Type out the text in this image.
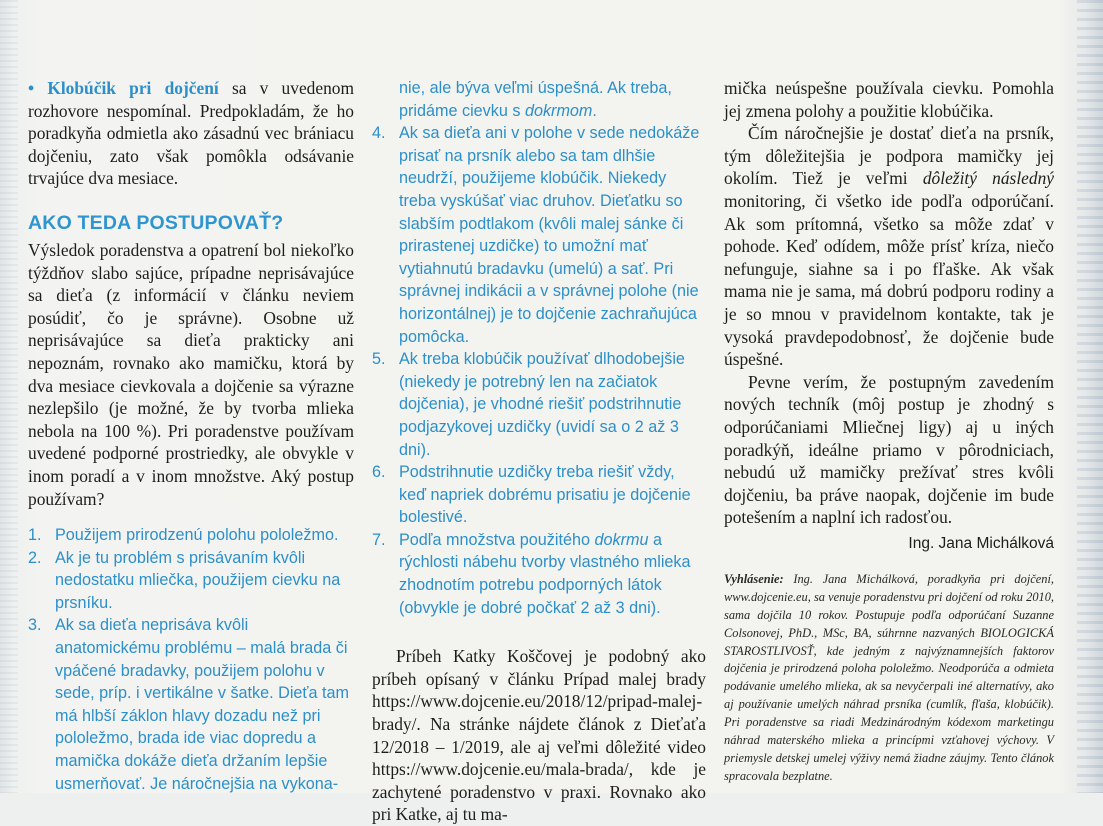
• Klobúčik pri dojčení sa v uvedenom rozhovore nespomínal. Predpokladám, že ho poradkyňa odmietla ako zásadnú vec brániacu dojčeniu, zato však pomôkla odsávanie trvajúce dva mesiace.

AKO TEDA POSTUPOVAŤ?

Výsledok poradenstva a opatrení bol niekoľko týždňov slabo sajúce, prípadne neprisávajúce sa dieťa (z informácií v článku neviem posúdiť, čo je správne). Osobne už neprisávajúce sa dieťa prakticky ani nepoznám, rovnako ako mamičku, ktorá by dva mesiace cievkovala a dojčenie sa výrazne nezlepšilo (je možné, že by tvorba mlieka nebola na 100 %). Pri poradenstve používam uvedené podporné prostriedky, ale obvykle v inom poradí a v inom množstve. Aký postup používam?

1. Použijem prirodzenú polohu pololežmo.
2. Ak je tu problém s prisávaním kvôli nedostatku mliečka, použijem cievku na prsníku.
3. Ak sa dieťa neprisáva kvôli anatomickému problému – malá brada či vpáčené bradavky, použijem polohu v sede, príp. i vertikálne v šatke. Dieťa tam má hlbší záklon hlavy dozadu než pri pololežmo, brada ide viac dopredu a mamička dokáže dieťa držaním lepšie usmerňovať. Je náročnejšia na vykona-
nie, ale býva veľmi úspešná. Ak treba, pridáme cievku s dokrmom.
4. Ak sa dieťa ani v polohe v sede nedokáže prisať na prsník alebo sa tam dlhšie neudrží, použijeme klobúčik. Niekedy treba vyskúšať viac druhov. Dieťatku so slabším podtlakom (kvôli malej sánke či prirastenej uzdičke) to umožní mať vytiahnutú bradavku (umelú) a sať. Pri správnej indikácii a v správnej polohe (nie horizontálnej) je to dojčenie zachraňujúca pomôcka.
5. Ak treba klobúčik používať dlhodobejšie (niekedy je potrebný len na začiatok dojčenia), je vhodné riešiť podstrihnutie podjazykovej uzdičky (uvidí sa o 2 až 3 dni).
6. Podstrihnutie uzdičky treba riešiť vždy, keď napriek dobrému prisatiu je dojčenie bolestivé.
7. Podľa množstva použitého dokrmu a rýchlosti nábehu tvorby vlastného mlieka zhodnotím potrebu podporných látok (obvykle je dobré počkať 2 až 3 dni).

Príbeh Katky Koščovej je podobný ako príbeh opísaný v článku Prípad malej brady https://www.dojcenie.eu/2018/12/pripad-malej-brady/. Na stránke nájdete článok z Dieťaťa 12/2018 – 1/2019, ale aj veľmi dôležité video https://www.dojcenie.eu/mala-brada/, kde je zachytené poradenstvo v praxi. Rovnako ako pri Katke, aj tu ma-

mička neúspešne používala cievku. Pomohla jej zmena polohy a použitie klobúčika.

Čím náročnejšie je dostať dieťa na prsník, tým dôležitejšia je podpora mamičky jej okolím. Tiež je veľmi dôležitý následný monitoring, či všetko ide podľa odporúčaní. Ak som prítomná, všetko sa môže zdať v pohode. Keď odídem, môže prísť kríza, niečo nefunguje, siahne sa i po fľaške. Ak však mama nie je sama, má dobrú podporu rodiny a je so mnou v pravidelnom kontakte, tak je vysoká pravdepodobnosť, že dojčenie bude úspešné.

Pevne verím, že postupným zavedením nových techník (môj postup je zhodný s odporúčaniami Mliečnej ligy) aj u iných poradkýň, ideálne priamo v pôrodniciach, nebudú už mamičky prežívať stres kvôli dojčeniu, ba práve naopak, dojčenie im bude potešením a naplní ich radosťou.

Ing. Jana Michálková

Vyhlásenie: Ing. Jana Michálková, poradkyňa pri dojčení, www.dojcenie.eu, sa venuje poradenstvu pri dojčení od roku 2010, sama dojčila 10 rokov. Postupuje podľa odporúčaní Suzanne Colsonovej, PhD., MSc, BA, súhrnne nazvaných BIOLOGICKÁ STAROSTLIVOSŤ, kde jedným z najvýznamnejších faktorov dojčenia je prirodzená poloha pololežmo. Neodporúča a odmieta podávanie umelého mlieka, ak sa nevyčerpali iné alternatívy, ako aj používanie umelých náhrad prsníka (cumlík, fľaša, klobúčik). Pri poradenstve sa riadi Medzinárodným kódexom marketingu náhrad materského mlieka a princípmi vzťahovej výchovy. V priemysle detskej umelej výživy nemá žiadne záujmy. Tento článok spracovala bezplatne.
